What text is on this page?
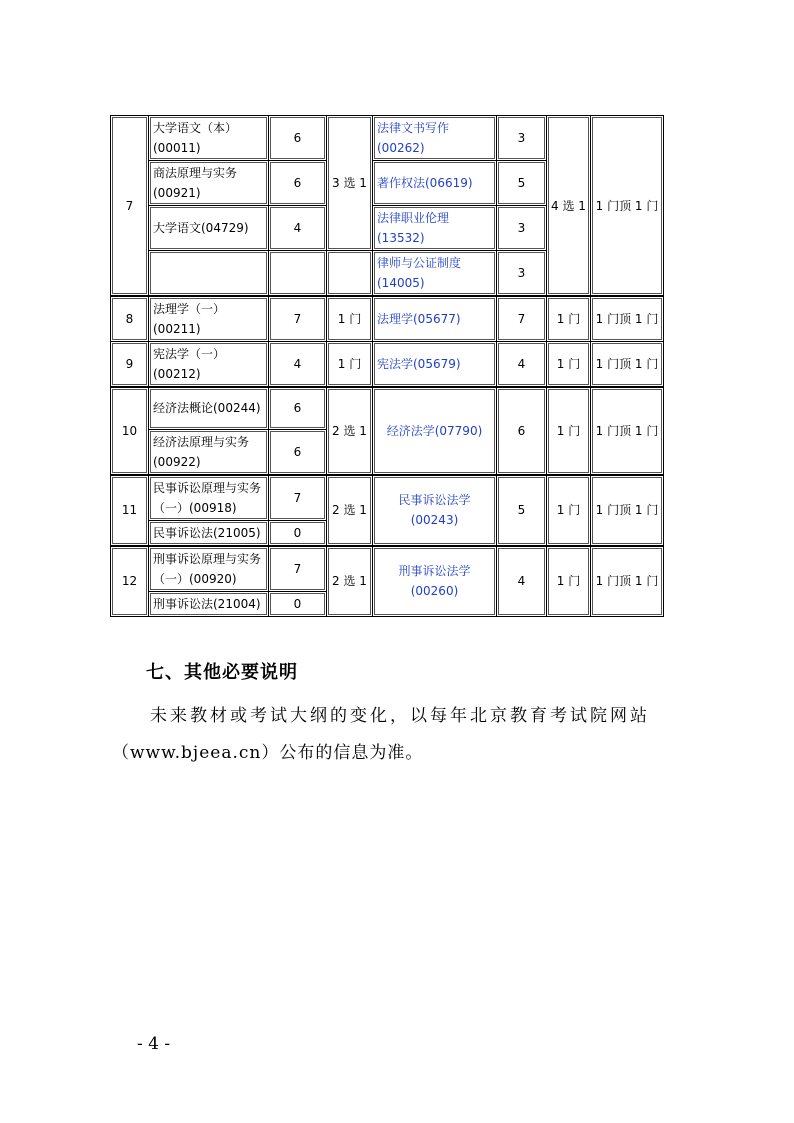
7	大学语文（本）(00011)	6	3 选 1	法律文书写作(00262)	3	4 选 1	1 门顶 1 门
	商法原理与实务(00921)	6		著作权法(06619)	5		
	大学语文(04729)	4		法律职业伦理(13532)	3		
				律师与公证制度(14005)	3		
8	法理学（一）(00211)	7	1 门	法理学(05677)	7	1 门	1 门顶 1 门
9	宪法学（一）(00212)	4	1 门	宪法学(05679)	4	1 门	1 门顶 1 门
10	经济法概论(00244)	6	2 选 1	经济法学(07790)	6	1 门	1 门顶 1 门
	经济法原理与实务(00922)	6					
11	民事诉讼原理与实务（一）(00918)	7	2 选 1	民事诉讼法学(00243)	5	1 门	1 门顶 1 门
	民事诉讼法(21005)	0					
12	刑事诉讼原理与实务（一）(00920)	7	2 选 1	刑事诉讼法学(00260)	4	1 门	1 门顶 1 门
	刑事诉讼法(21004)	0					
七、其他必要说明
未来教材或考试大纲的变化，以每年北京教育考试院网站
（www.bjeea.cn）公布的信息为准。
- 4 -
